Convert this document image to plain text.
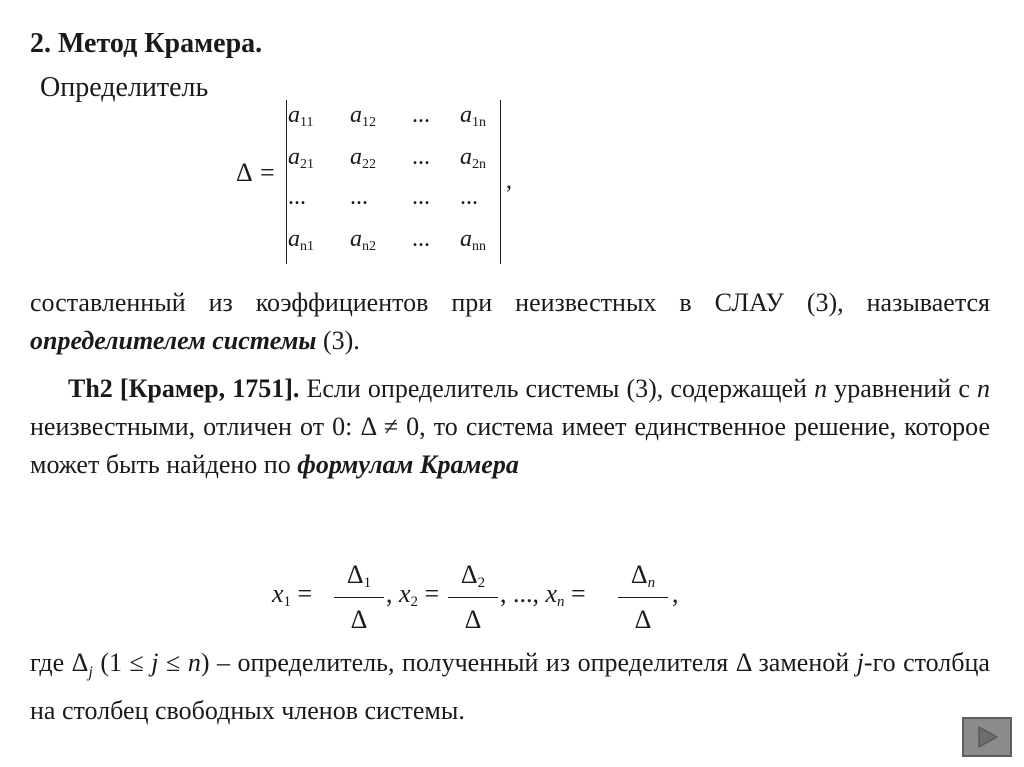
2. Метод Крамера.
Определитель
Δ =
$a_{11}$ $a_{12}$ ... $a_{1n}$
$a_{21}$ $a_{22}$ ... $a_{2n}$
... ... ... ...
$a_{n1}$ $a_{n2}$ ... $a_{nn}$
,
составленный из коэффициентов при неизвестных в СЛАУ (3), называется определителем системы (3).
Th2 [Крамер, 1751]. Если определитель системы (3), содержащей n уравнений с n неизвестными, отличен от 0: Δ ≠ 0, то система имеет единственное решение, которое может быть найдено по формулам Крамера
$x_1$ =
$\Delta_1$
Δ
, $x_2$ =
$\Delta_2$
Δ
, ..., $x_n$ =
$\Delta_n$
Δ
,
где $\Delta_j$ (1 ≤ j ≤ n) – определитель, полученный из определителя Δ заменой j-го столбца на столбец свободных членов системы.
